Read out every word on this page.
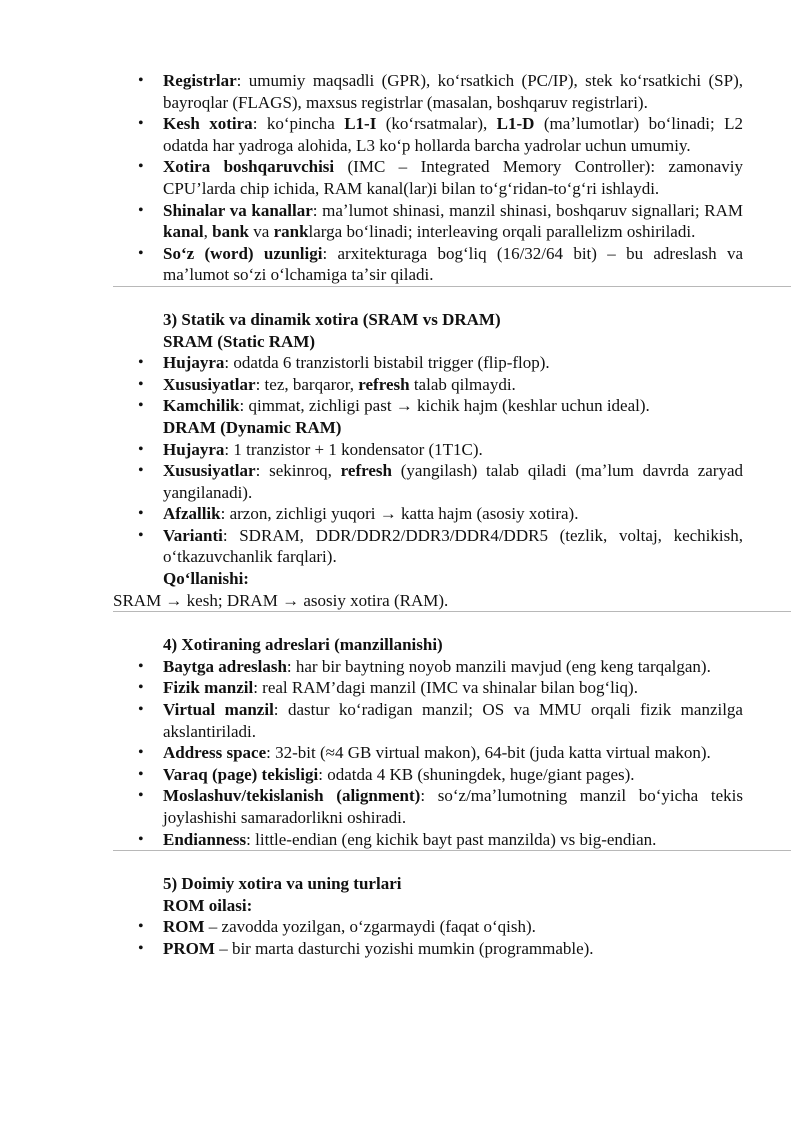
• Registrlar: umumiy maqsadli (GPR), koʻrsatkich (PC/IP), stek koʻrsatkichi (SP), bayroqlar (FLAGS), maxsus registrlar (masalan, boshqaruv registrlari).
• Kesh xotira: koʻpincha L1-I (koʻrsatmalar), L1-D (maʼlumotlar) boʻlinadi; L2 odatda har yadroga alohida, L3 koʻp hollarda barcha yadrolar uchun umumiy.
• Xotira boshqaruvchisi (IMC – Integrated Memory Controller): zamonaviy CPU’larda chip ichida, RAM kanal(lar)i bilan toʻgʻridan-toʻgʻri ishlaydi.
• Shinalar va kanallar: maʼlumot shinasi, manzil shinasi, boshqaruv signallari; RAM kanal, bank va ranklarga boʻlinadi; interleaving orqali parallelizm oshiriladi.
• Soʻz (word) uzunligi: arxitekturaga bogʻliq (16/32/64 bit) – bu adreslash va maʼlumot soʻzi oʻlchamiga taʼsir qiladi.
3) Statik va dinamik xotira (SRAM vs DRAM)
SRAM (Static RAM)
• Hujayra: odatda 6 tranzistorli bistabil trigger (flip-flop).
• Xususiyatlar: tez, barqaror, refresh talab qilmaydi.
• Kamchilik: qimmat, zichligi past → kichik hajm (keshlar uchun ideal).
DRAM (Dynamic RAM)
• Hujayra: 1 tranzistor + 1 kondensator (1T1C).
• Xususiyatlar: sekinroq, refresh (yangilash) talab qiladi (maʼlum davrda zaryad yangilanadi).
• Afzallik: arzon, zichligi yuqori → katta hajm (asosiy xotira).
• Varianti: SDRAM, DDR/DDR2/DDR3/DDR4/DDR5 (tezlik, voltaj, kechikish, oʻtkazuvchanlik farqlari).
Qoʻllanishi:
SRAM → kesh; DRAM → asosiy xotira (RAM).
4) Xotiraning adreslari (manzillanishi)
• Baytga adreslash: har bir baytning noyob manzili mavjud (eng keng tarqalgan).
• Fizik manzil: real RAM’dagi manzil (IMC va shinalar bilan bogʻliq).
• Virtual manzil: dastur koʻradigan manzil; OS va MMU orqali fizik manzilga akslantiriladi.
• Address space: 32-bit (≈4 GB virtual makon), 64-bit (juda katta virtual makon).
• Varaq (page) tekisligi: odatda 4 KB (shuningdek, huge/giant pages).
• Moslashuv/tekislanish (alignment): soʻz/maʼlumotning manzil boʻyicha tekis joylashishi samaradorlikni oshiradi.
• Endianness: little-endian (eng kichik bayt past manzilda) vs big-endian.
5) Doimiy xotira va uning turlari
ROM oilasi:
• ROM – zavodda yozilgan, oʻzgarmaydi (faqat oʻqish).
• PROM – bir marta dasturchi yozishi mumkin (programmable).
